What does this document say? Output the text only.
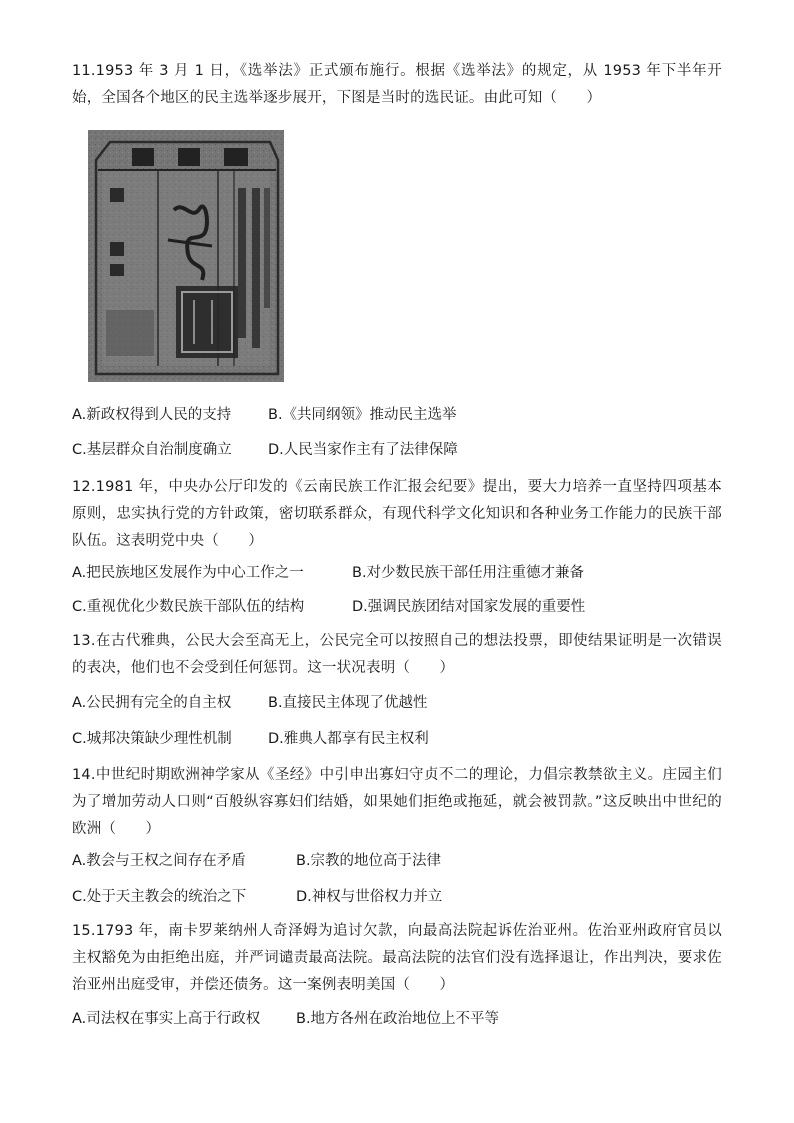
11.1953 年 3 月 1 日，《选举法》正式颁布施行。根据《选举法》的规定，从 1953 年下半年开始，全国各个地区的民主选举逐步展开，下图是当时的选民证。由此可知（　　）
A.新政权得到人民的支持	B.《共同纲领》推动民主选举
C.基层群众自治制度确立	D.人民当家作主有了法律保障
12.1981 年，中央办公厅印发的《云南民族工作汇报会纪要》提出，要大力培养一直坚持四项基本原则，忠实执行党的方针政策，密切联系群众，有现代科学文化知识和各种业务工作能力的民族干部队伍。这表明党中央（　　）
A.把民族地区发展作为中心工作之一	B.对少数民族干部任用注重德才兼备
C.重视优化少数民族干部队伍的结构	D.强调民族团结对国家发展的重要性
13.在古代雅典，公民大会至高无上，公民完全可以按照自己的想法投票，即使结果证明是一次错误的表决，他们也不会受到任何惩罚。这一状况表明（　　）
A.公民拥有完全的自主权	B.直接民主体现了优越性
C.城邦决策缺少理性机制	D.雅典人都享有民主权利
14.中世纪时期欧洲神学家从《圣经》中引申出寡妇守贞不二的理论，力倡宗教禁欲主义。庄园主们为了增加劳动人口则“百般纵容寡妇们结婚，如果她们拒绝或拖延，就会被罚款。”这反映出中世纪的欧洲（　　）
A.教会与王权之间存在矛盾	B.宗教的地位高于法律
C.处于天主教会的统治之下	D.神权与世俗权力并立
15.1793 年，南卡罗莱纳州人奇泽姆为追讨欠款，向最高法院起诉佐治亚州。佐治亚州政府官员以主权豁免为由拒绝出庭，并严词谴责最高法院。最高法院的法官们没有选择退让，作出判决，要求佐治亚州出庭受审，并偿还债务。这一案例表明美国（　　）
A.司法权在事实上高于行政权 B.地方各州在政治地位上不平等
